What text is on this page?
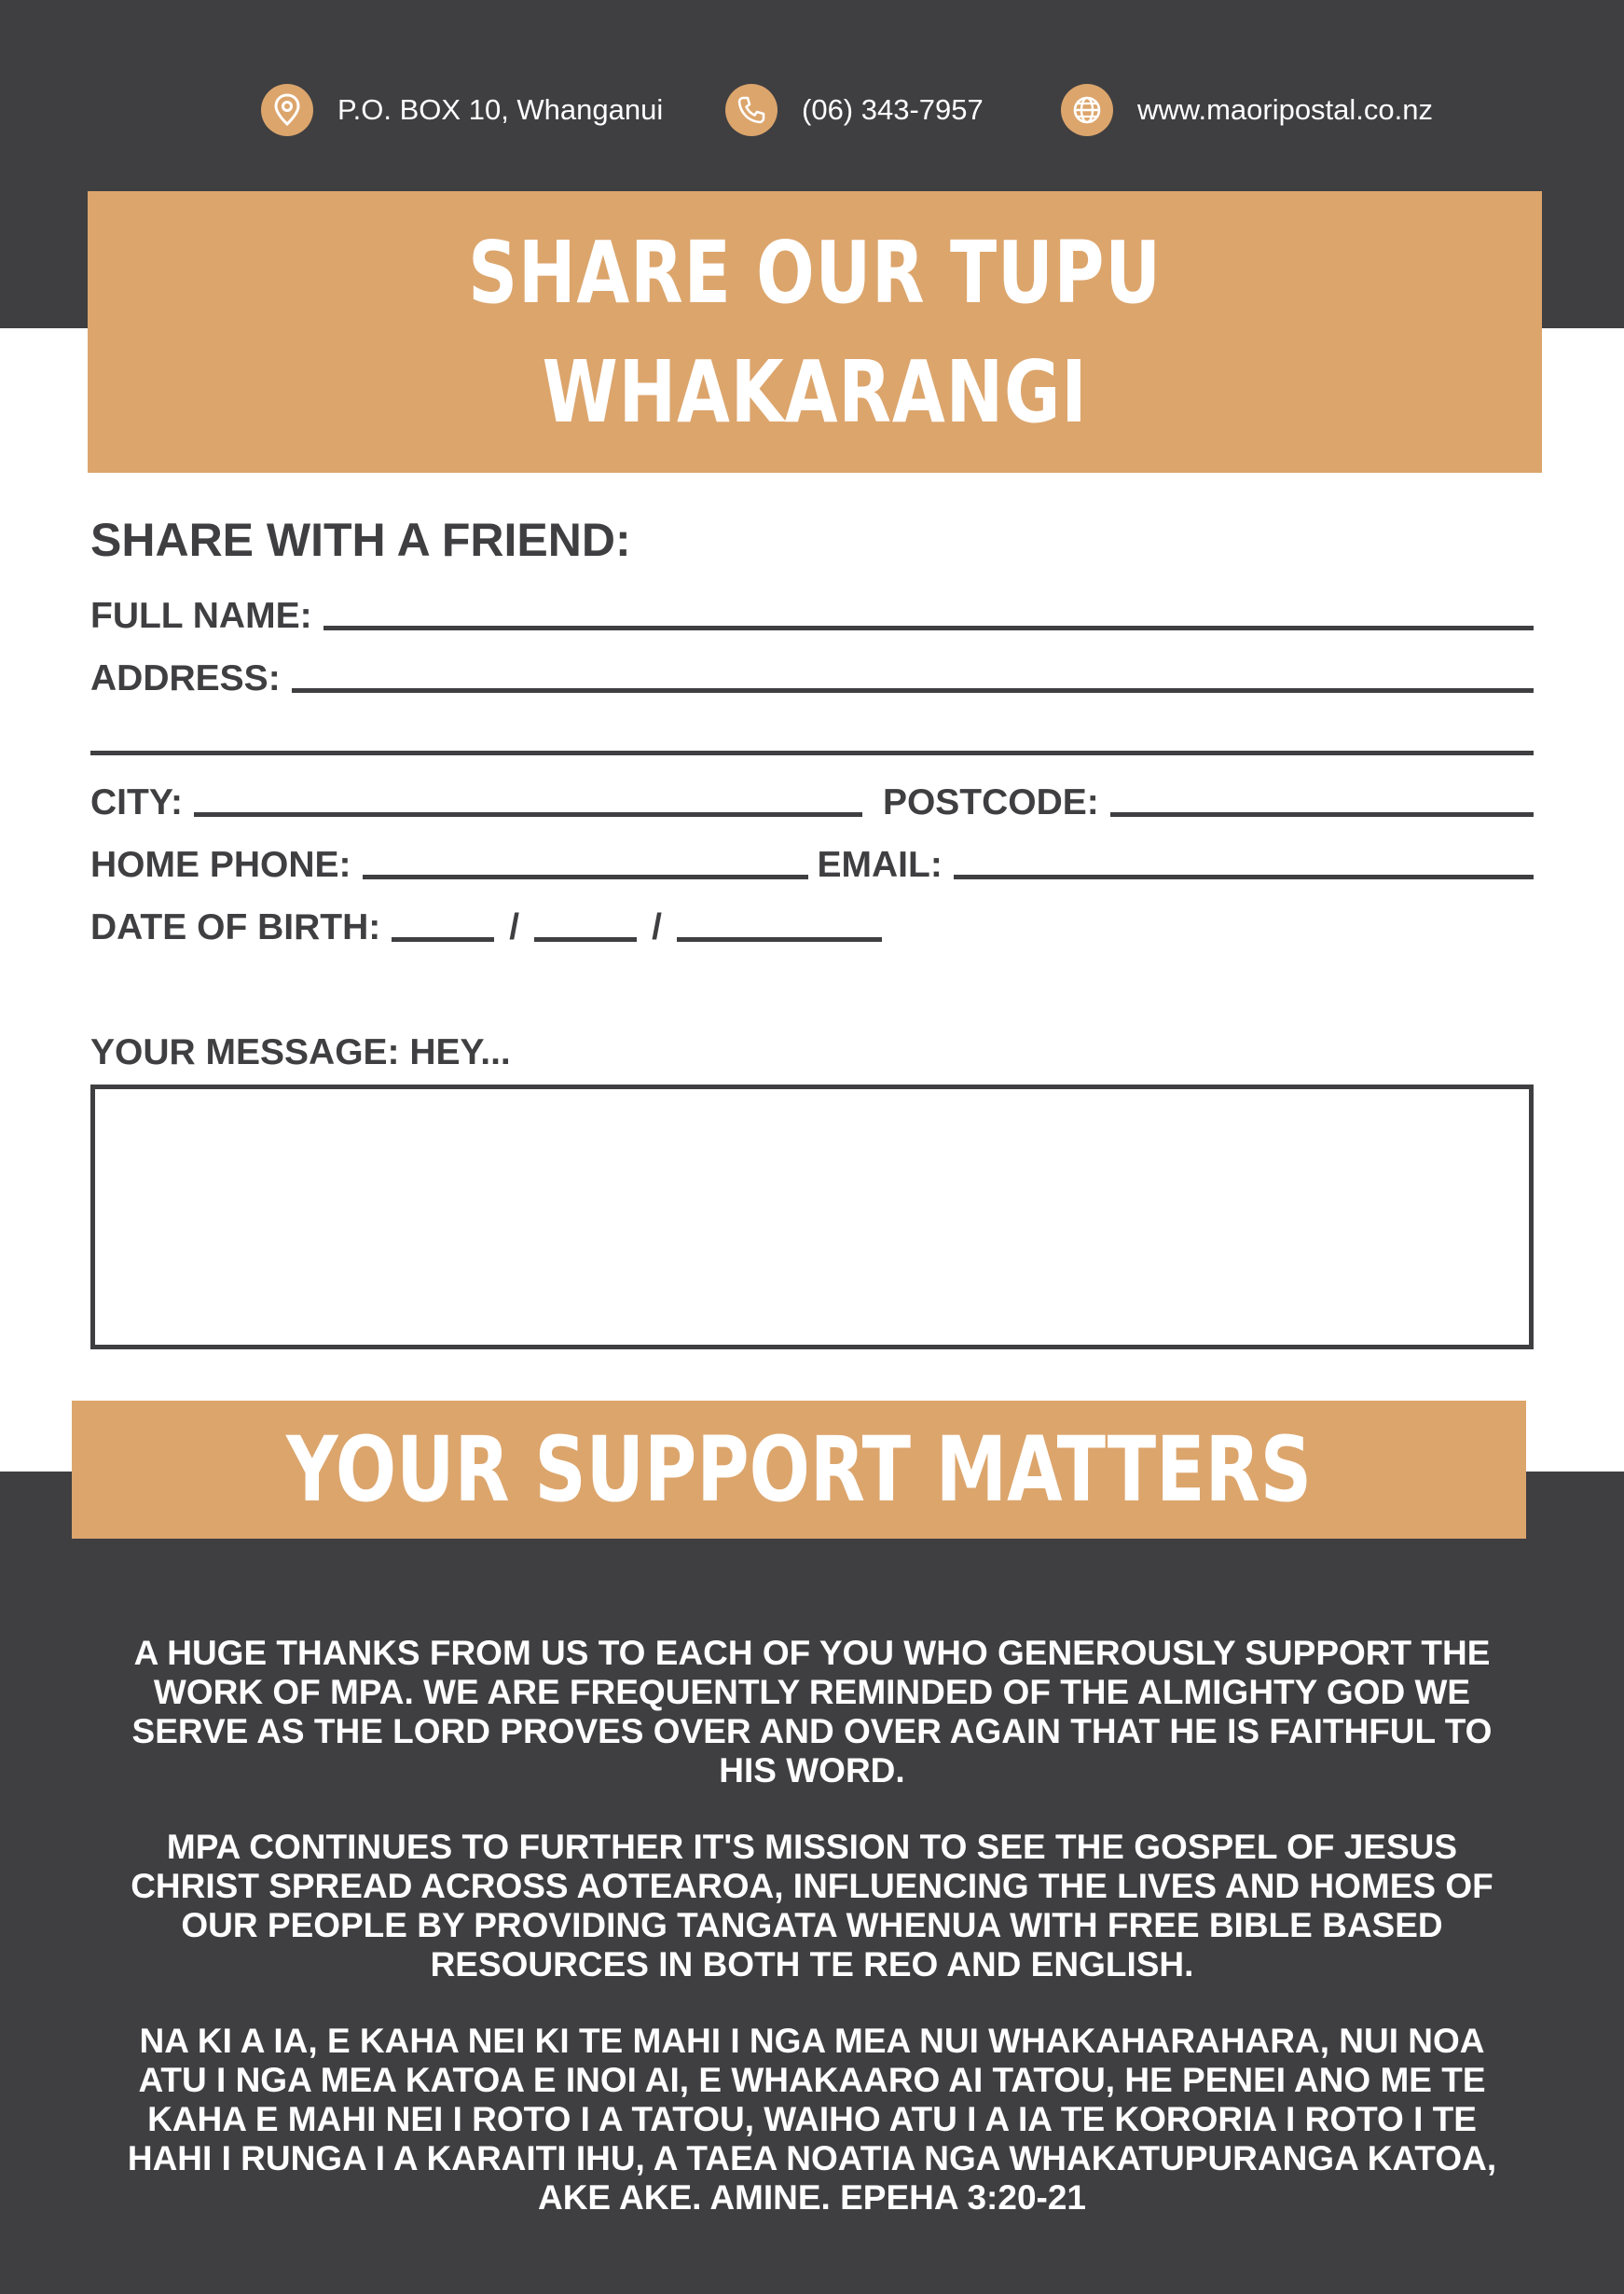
P.O. BOX 10, Whanganui	(06) 343-7957	www.maoripostal.co.nz
SHARE OUR TUPU WHAKARANGI
WITH A FRIEND
SHARE WITH A FRIEND:
FULL NAME:
ADDRESS:
CITY:	POSTCODE:
HOME PHONE:	EMAIL:
DATE OF BIRTH:	/	/
YOUR MESSAGE: HEY...
YOUR SUPPORT MATTERS
A HUGE THANKS FROM US TO EACH OF YOU WHO GENEROUSLY SUPPORT THE WORK OF MPA. WE ARE FREQUENTLY REMINDED OF THE ALMIGHTY GOD WE SERVE AS THE LORD PROVES OVER AND OVER AGAIN THAT HE IS FAITHFUL TO HIS WORD.
MPA CONTINUES TO FURTHER IT'S MISSION TO SEE THE GOSPEL OF JESUS CHRIST SPREAD ACROSS AOTEAROA, INFLUENCING THE LIVES AND HOMES OF OUR PEOPLE BY PROVIDING TANGATA WHENUA WITH FREE BIBLE BASED RESOURCES IN BOTH TE REO AND ENGLISH.
NA KI A IA, E KAHA NEI KI TE MAHI I NGA MEA NUI WHAKAHARAHARA, NUI NOA ATU I NGA MEA KATOA E INOI AI, E WHAKAARO AI TATOU, HE PENEI ANO ME TE KAHA E MAHI NEI I ROTO I A TATOU, WAIHO ATU I A IA TE KORORIA I ROTO I TE HAHI I RUNGA I A KARAITI IHU, A TAEA NOATIA NGA WHAKATUPURANGA KATOA, AKE AKE. AMINE. EPEHA 3:20-21
